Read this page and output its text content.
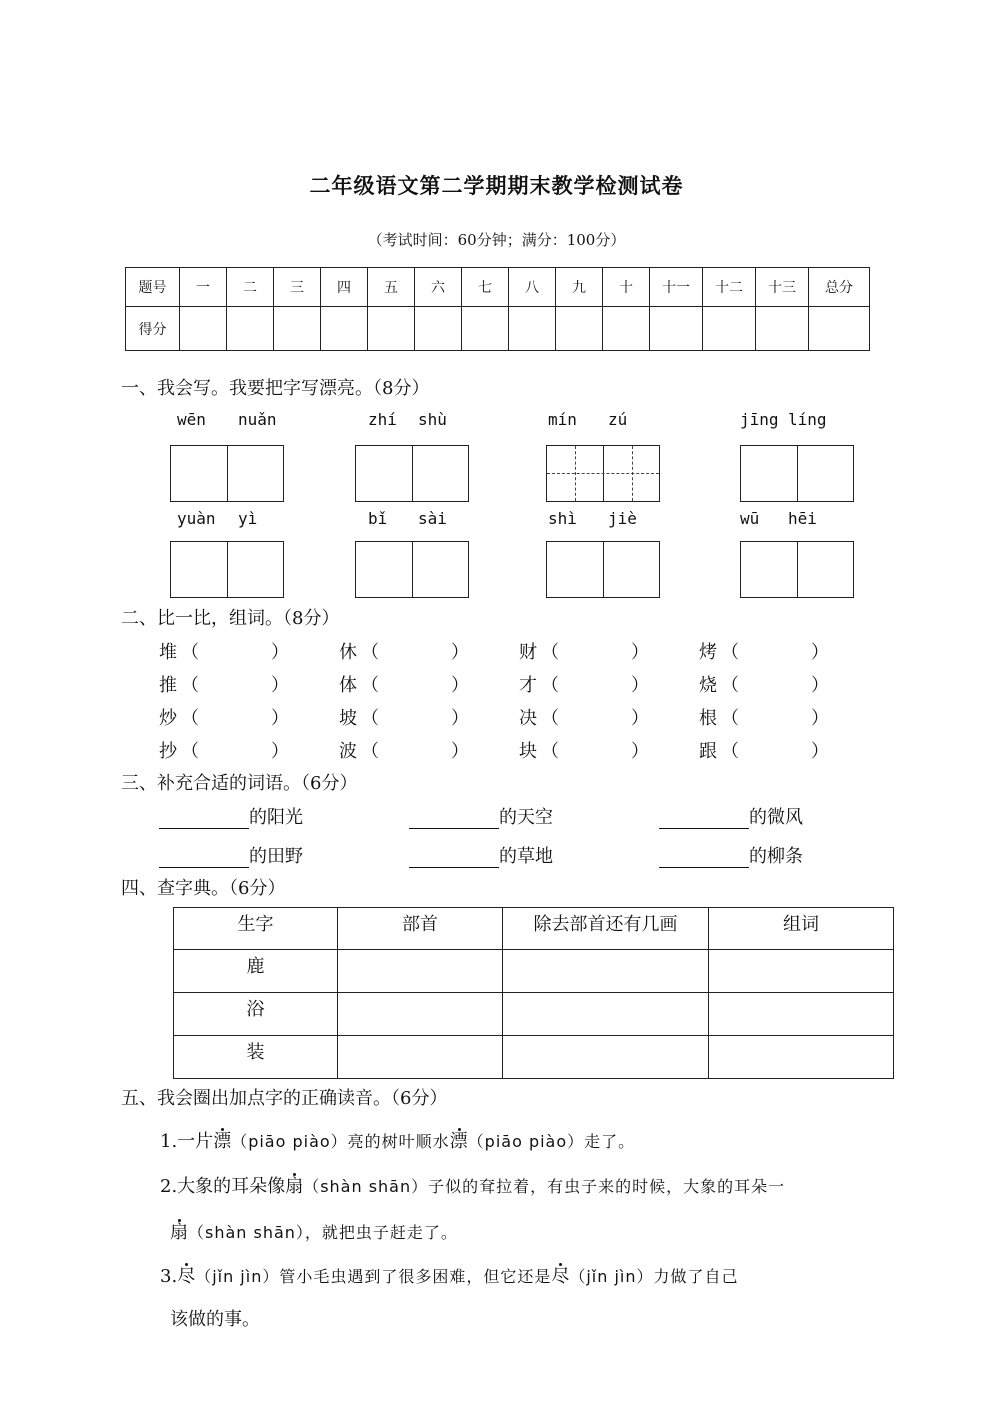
二年级语文第二学期期末教学检测试卷
（考试时间：60分钟；满分：100分）
题号	一	二	三	四	五	六	七	八	九	十	十一	十二	十三	总分
得分														
一、我会写。我要把字写漂亮。（8分）
wēn nuǎn	zhí shù	mín zú	jīng líng
yuàn yì	bǐ sài	shì jiè	wū hēi
二、比一比，组词。（8分）
堆 （	）	休 （	）	财 （	）	烤 （	）
推 （	）	体 （	）	才 （	）	烧 （	）
炒 （	）	坡 （	）	决 （	）	根 （	）
抄 （	）	波 （	）	块 （	）	跟 （	）
三、补充合适的词语。（6分）
的阳光	的天空	的微风
的田野	的草地	的柳条
四、查字典。（6分）
生字	部首	除去部首还有几画	组词
鹿			
浴			
装			
五、我会圈出加点字的正确读音。（6分）
1.一片漂（piāo piào）亮的树叶顺水漂（piāo piào）走了。
2.大象的耳朵像扇（shàn shān）子似的耷拉着，有虫子来的时候，大象的耳朵一
扇（shàn shān），就把虫子赶走了。
3.尽（jǐn jìn）管小毛虫遇到了很多困难，但它还是尽（jǐn jìn）力做了自己
该做的事。
